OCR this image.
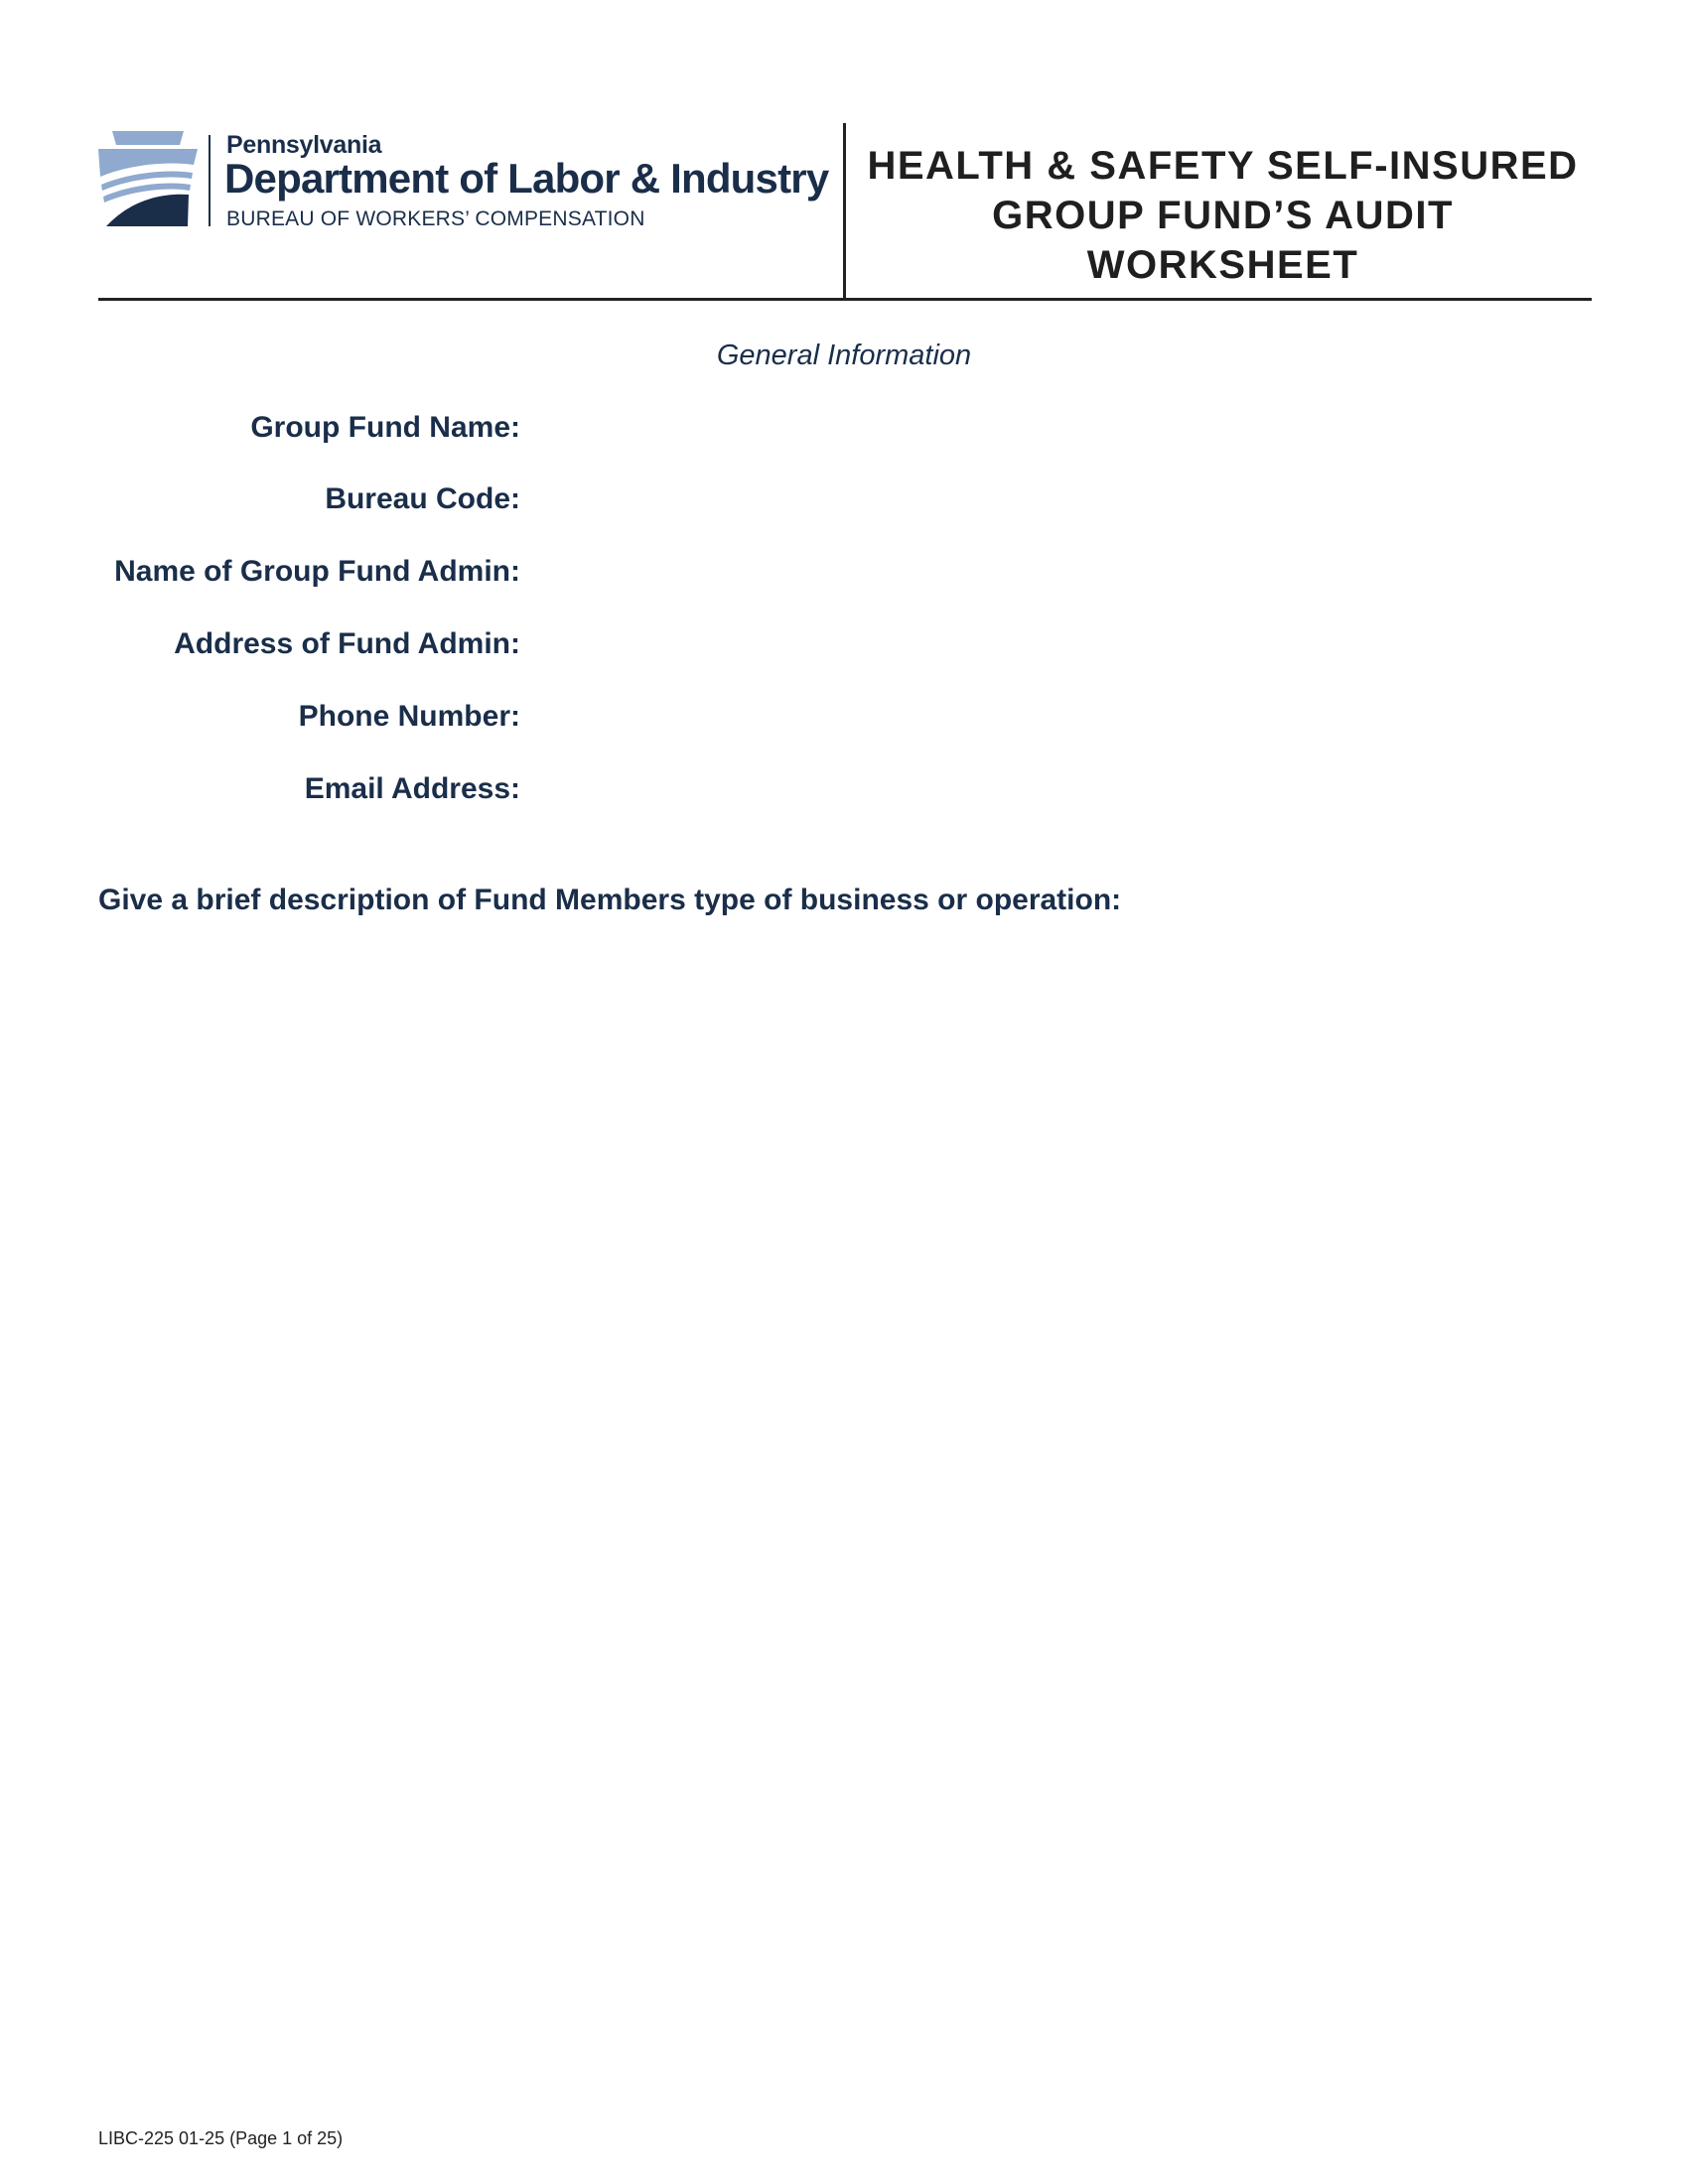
Pennsylvania
Department of Labor & Industry
BUREAU OF WORKERS’ COMPENSATION
HEALTH & SAFETY SELF-INSURED
GROUP FUND’S AUDIT WORKSHEET
General Information
Group Fund Name:
Bureau Code:
Name of Group Fund Admin:
Address of Fund Admin:
Phone Number:
Email Address:
Give a brief description of Fund Members type of business or operation:
LIBC-225 01-25 (Page 1 of 25)
